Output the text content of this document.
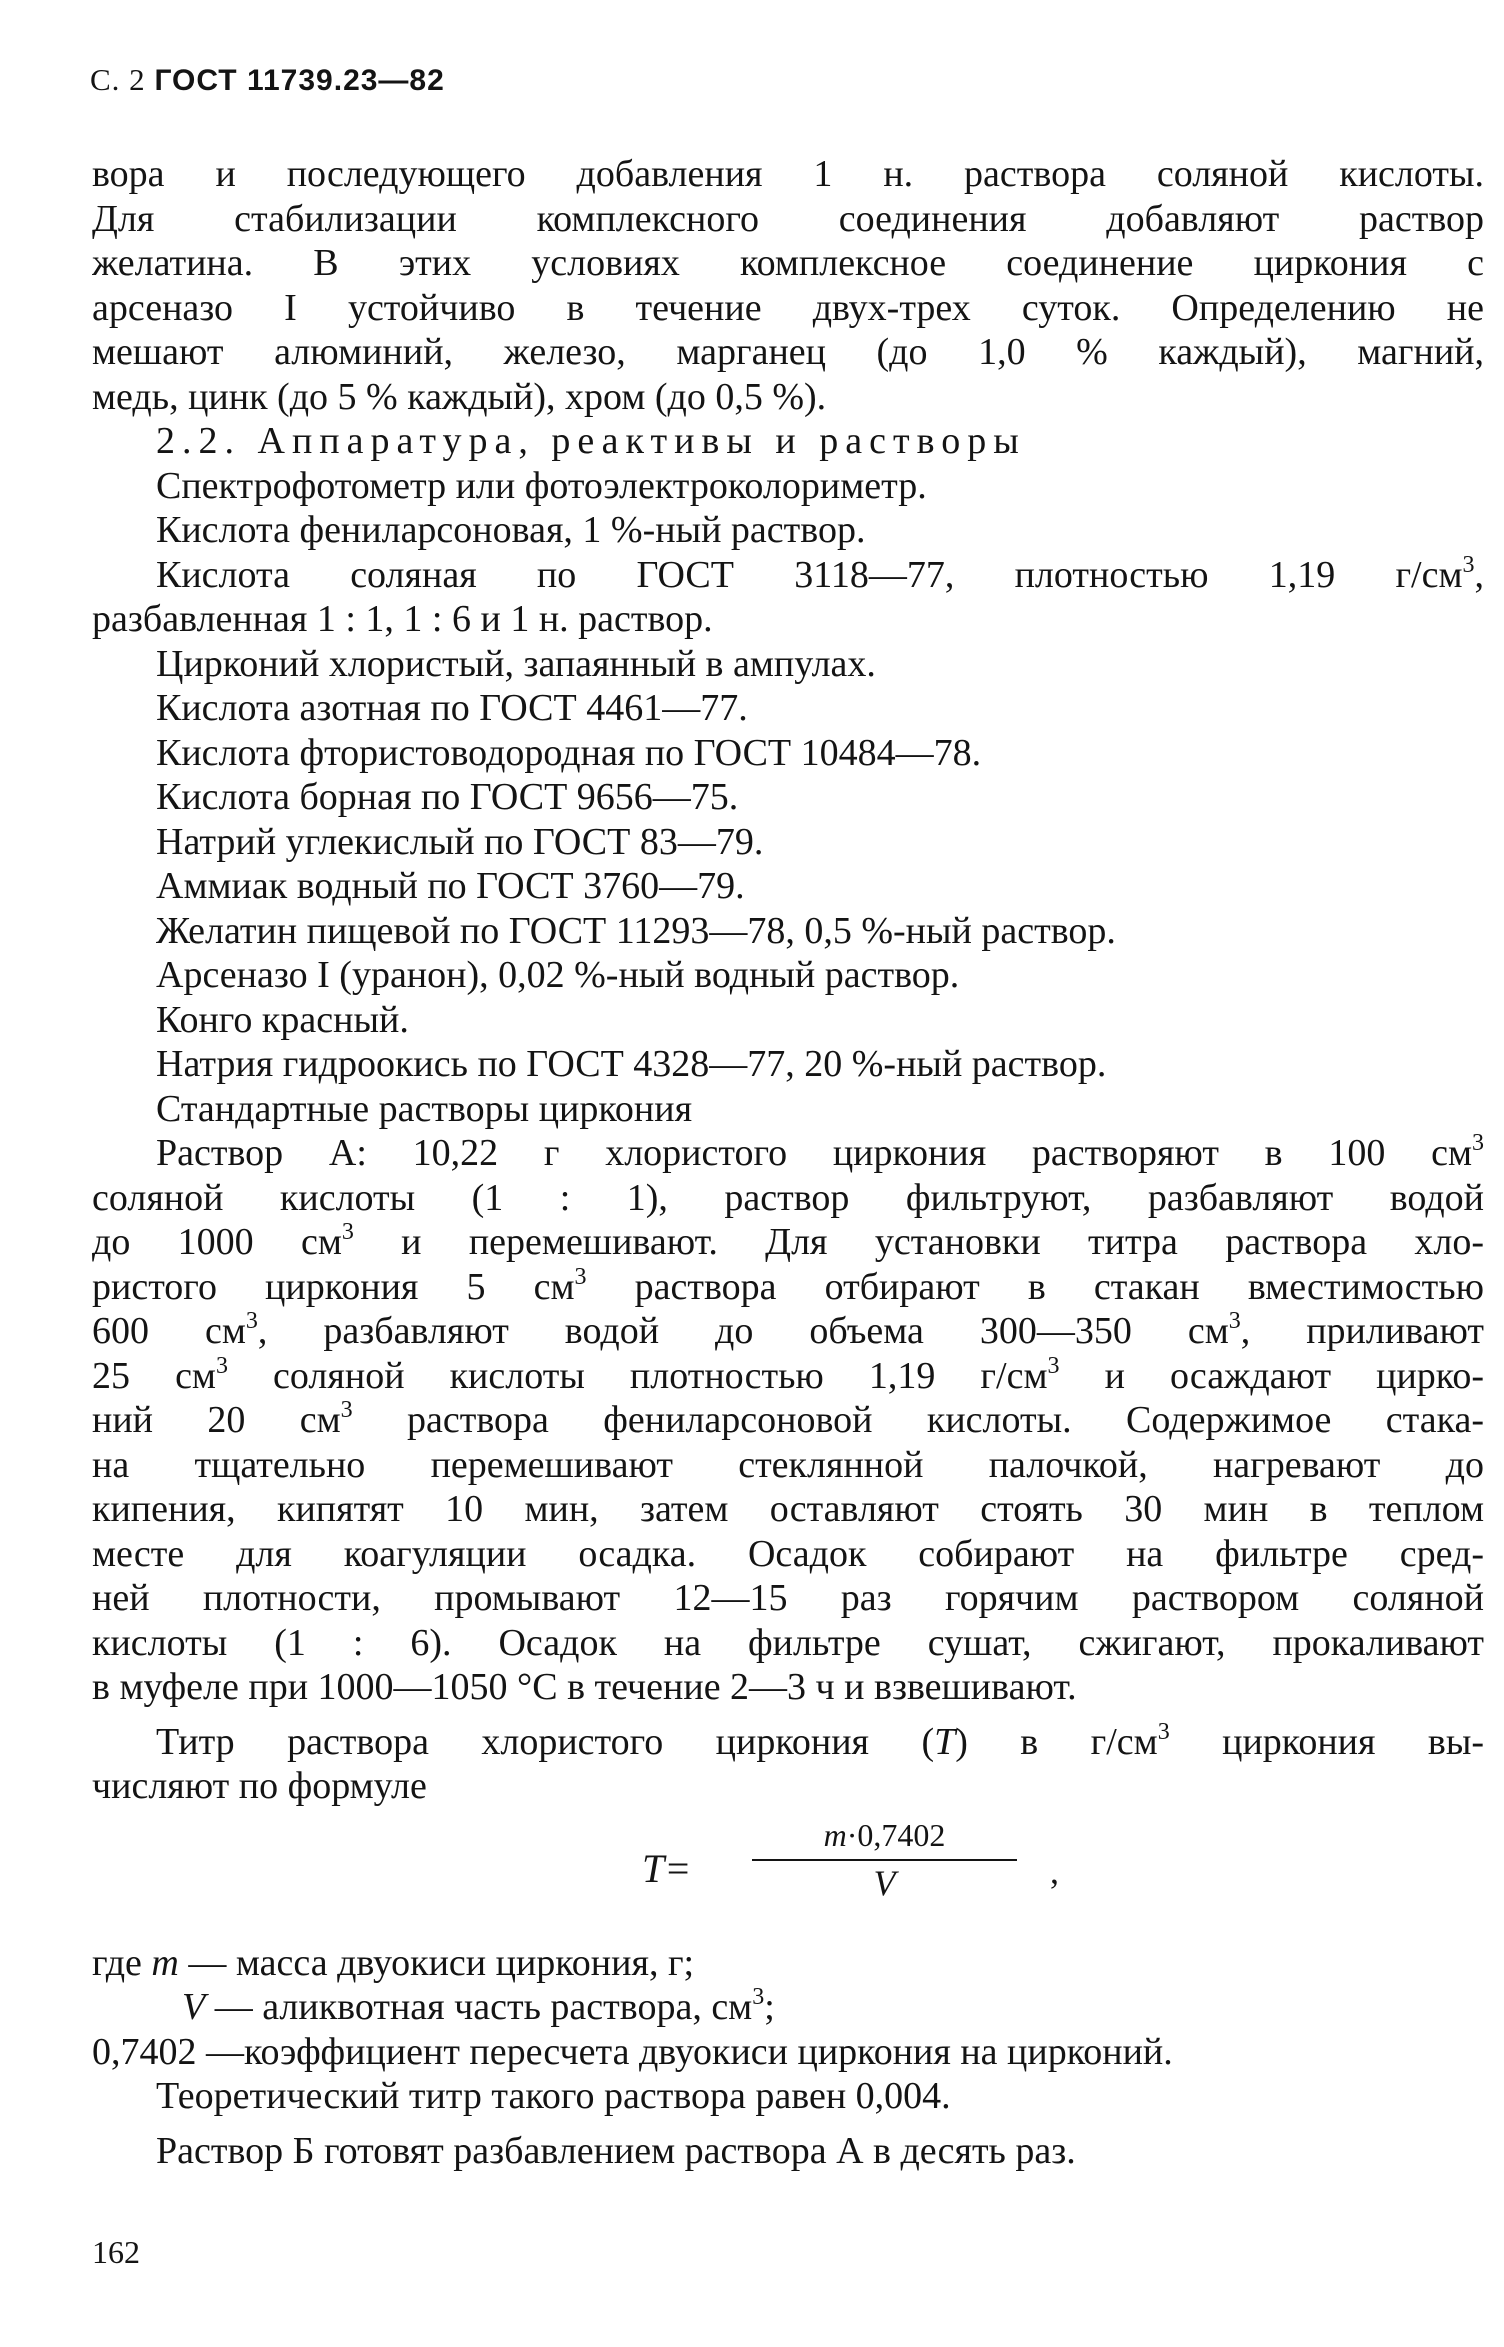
С. 2 ГОСТ 11739.23—82
вора и последующего добавления 1 н. раствора соляной кислоты.
Для стабилизации комплексного соединения добавляют раствор
желатина. В этих условиях комплексное соединение циркония с
арсеназо I устойчиво в течение двух-трех суток. Определению не
мешают алюминий, железо, марганец (до 1,0 % каждый), магний,
медь, цинк (до 5 % каждый), хром (до 0,5 %).
2.2. Аппаратура, реактивы и растворы
Спектрофотометр или фотоэлектроколориметр.
Кислота фениларсоновая, 1 %-ный раствор.
Кислота соляная по ГОСТ 3118—77, плотностью 1,19 $г/см^3$,
разбавленная 1 : 1, 1 : 6 и 1 н. раствор.
Цирконий хлористый, запаянный в ампулах.
Кислота азотная по ГОСТ 4461—77.
Кислота фтористоводородная по ГОСТ 10484—78.
Кислота борная по ГОСТ 9656—75.
Натрий углекислый по ГОСТ 83—79.
Аммиак водный по ГОСТ 3760—79.
Желатин пищевой по ГОСТ 11293—78, 0,5 %-ный раствор.
Арсеназо I (уранон), 0,02 %-ный водный раствор.
Конго красный.
Натрия гидроокись по ГОСТ 4328—77, 20 %-ный раствор.
Стандартные растворы циркония
Раствор А: 10,22 г хлористого циркония растворяют в 100 $см^3$
соляной кислоты (1 : 1), раствор фильтруют, разбавляют водой
до 1000 $см^3$ и перемешивают. Для установки титра раствора хло-
ристого циркония 5 $см^3$ раствора отбирают в стакан вместимостью
600 $см^3$, разбавляют водой до объема 300—350 $см^3$, приливают
25 $см^3$ соляной кислоты плотностью 1,19 $г/см^3$ и осаждают цирко-
ний 20 $см^3$ раствора фениларсоновой кислоты. Содержимое стака-
на тщательно перемешивают стеклянной палочкой, нагревают до
кипения, кипятят 10 мин, затем оставляют стоять 30 мин в теплом
месте для коагуляции осадка. Осадок собирают на фильтре сред-
ней плотности, промывают 12—15 раз горячим раствором соляной
кислоты (1 : 6). Осадок на фильтре сушат, сжигают, прокаливают
в муфеле при 1000—1050 °С в течение 2—3 ч и взвешивают.
Титр раствора хлористого циркония (T) в $г/см^3$ циркония вы-
числяют по формуле
T=
m·0,7402
V	,
где m — масса двуокиси циркония, г;
V — аликвотная часть раствора, $см^3$;
0,7402 —коэффициент пересчета двуокиси циркония на цирконий.
Теоретический титр такого раствора равен 0,004.
Раствор Б готовят разбавлением раствора А в десять раз.
162
